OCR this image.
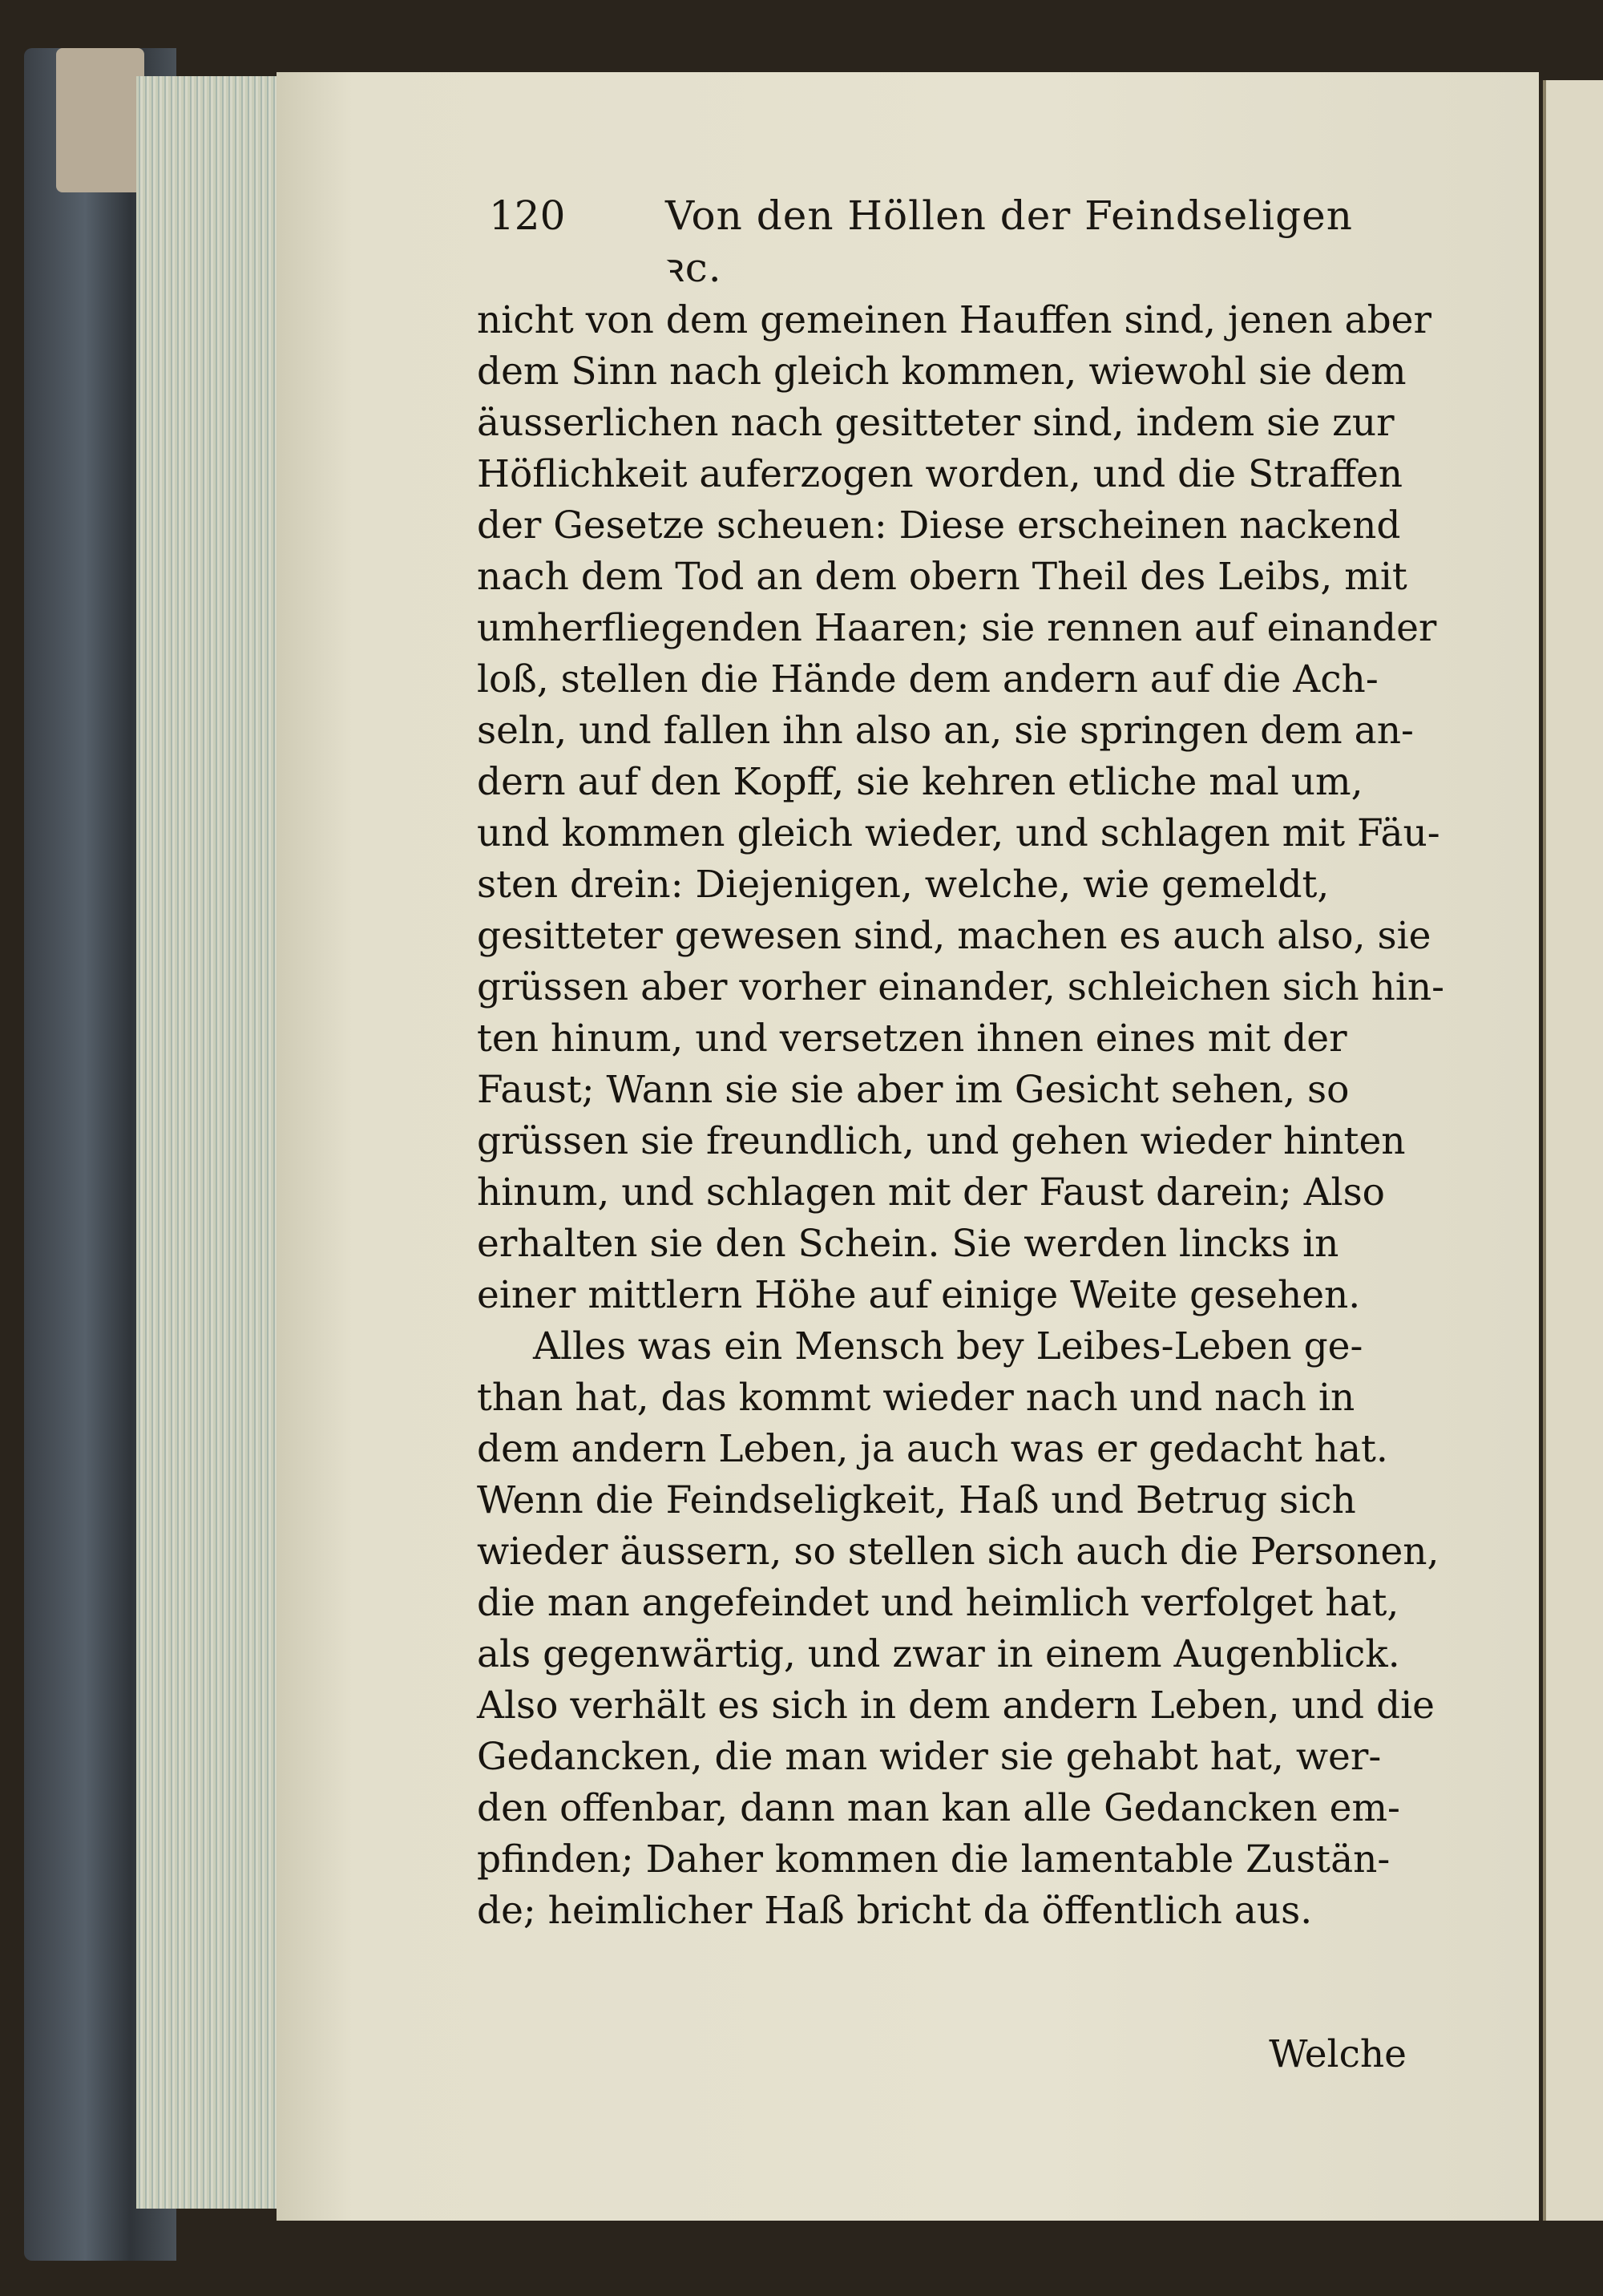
120 Von den Höllen der Feindseligen ꝛc.
nicht von dem gemeinen Hauffen sind, jenen aber
dem Sinn nach gleich kommen, wiewohl sie dem
äusserlichen nach gesitteter sind, indem sie zur
Höflichkeit auferzogen worden, und die Straffen
der Gesetze scheuen: Diese erscheinen nackend
nach dem Tod an dem obern Theil des Leibs, mit
umherfliegenden Haaren; sie rennen auf einander
loß, stellen die Hände dem andern auf die Ach-
seln, und fallen ihn also an, sie springen dem an-
dern auf den Kopff, sie kehren etliche mal um,
und kommen gleich wieder, und schlagen mit Fäu-
sten drein: Diejenigen, welche, wie gemeldt,
gesitteter gewesen sind, machen es auch also, sie
grüssen aber vorher einander, schleichen sich hin-
ten hinum, und versetzen ihnen eines mit der
Faust; Wann sie sie aber im Gesicht sehen, so
grüssen sie freundlich, und gehen wieder hinten
hinum, und schlagen mit der Faust darein; Also
erhalten sie den Schein. Sie werden lincks in
einer mittlern Höhe auf einige Weite gesehen.
Alles was ein Mensch bey Leibes-Leben ge-
than hat, das kommt wieder nach und nach in
dem andern Leben, ja auch was er gedacht hat.
Wenn die Feindseligkeit, Haß und Betrug sich
wieder äussern, so stellen sich auch die Personen,
die man angefeindet und heimlich verfolget hat,
als gegenwärtig, und zwar in einem Augenblick.
Also verhält es sich in dem andern Leben, und die
Gedancken, die man wider sie gehabt hat, wer-
den offenbar, dann man kan alle Gedancken em-
pfinden; Daher kommen die lamentable Zustän-
de; heimlicher Haß bricht da öffentlich aus.
Welche
